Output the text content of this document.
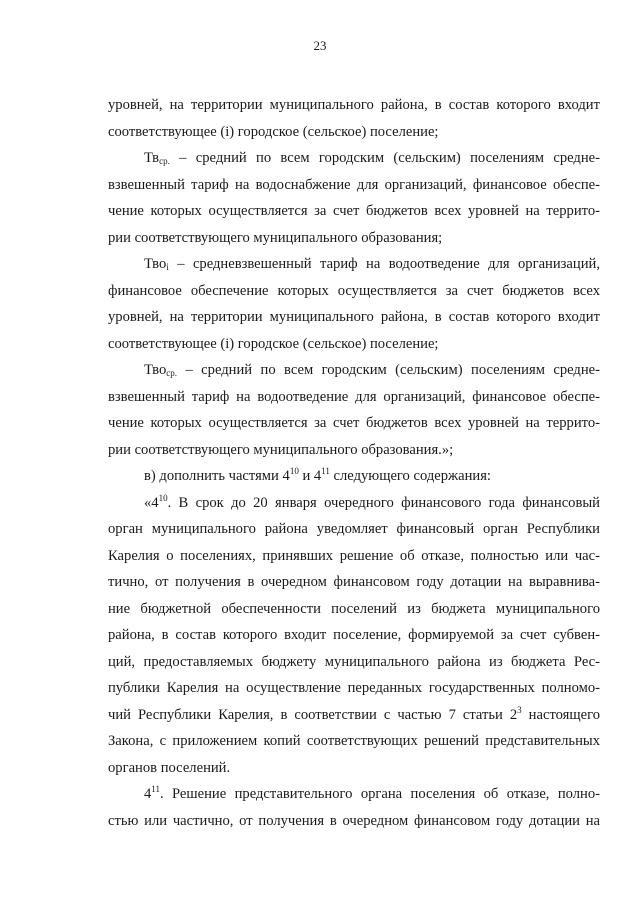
23
уровней, на территории муниципального района, в состав которого входит
соответствующее (i) городское (сельское) поселение;
$Тв_{ср.}$ – средний по всем городским (сельским) поселениям средне-
взвешенный тариф на водоснабжение для организаций, финансовое обеспе-
чение которых осуществляется за счет бюджетов всех уровней на террито-
рии соответствующего муниципального образования;
Тво$_i$ – средневзвешенный тариф на водоотведение для организаций,
финансовое обеспечение которых осуществляется за счет бюджетов всех
уровней, на территории муниципального района, в состав которого входит
соответствующее (i) городское (сельское) поселение;
Тво$_{ср.}$ – средний по всем городским (сельским) поселениям средне-
взвешенный тариф на водоотведение для организаций, финансовое обеспе-
чение которых осуществляется за счет бюджетов всех уровней на террито-
рии соответствующего муниципального образования.»;
в) дополнить частями $4^{10}$ и $4^{11}$ следующего содержания:
«$4^{10}$. В срок до 20 января очередного финансового года финансовый
орган муниципального района уведомляет финансовый орган Республики
Карелия о поселениях, принявших решение об отказе, полностью или час-
тично, от получения в очередном финансовом году дотации на выравнива-
ние бюджетной обеспеченности поселений из бюджета муниципального
района, в состав которого входит поселение, формируемой за счет субвен-
ций, предоставляемых бюджету муниципального района из бюджета Рес-
публики Карелия на осуществление переданных государственных полномо-
чий Республики Карелия, в соответствии с частью 7 статьи $2^3$ настоящего
Закона, с приложением копий соответствующих решений представительных
органов поселений.
$4^{11}$. Решение представительного органа поселения об отказе, полно-
стью или частично, от получения в очередном финансовом году дотации на
